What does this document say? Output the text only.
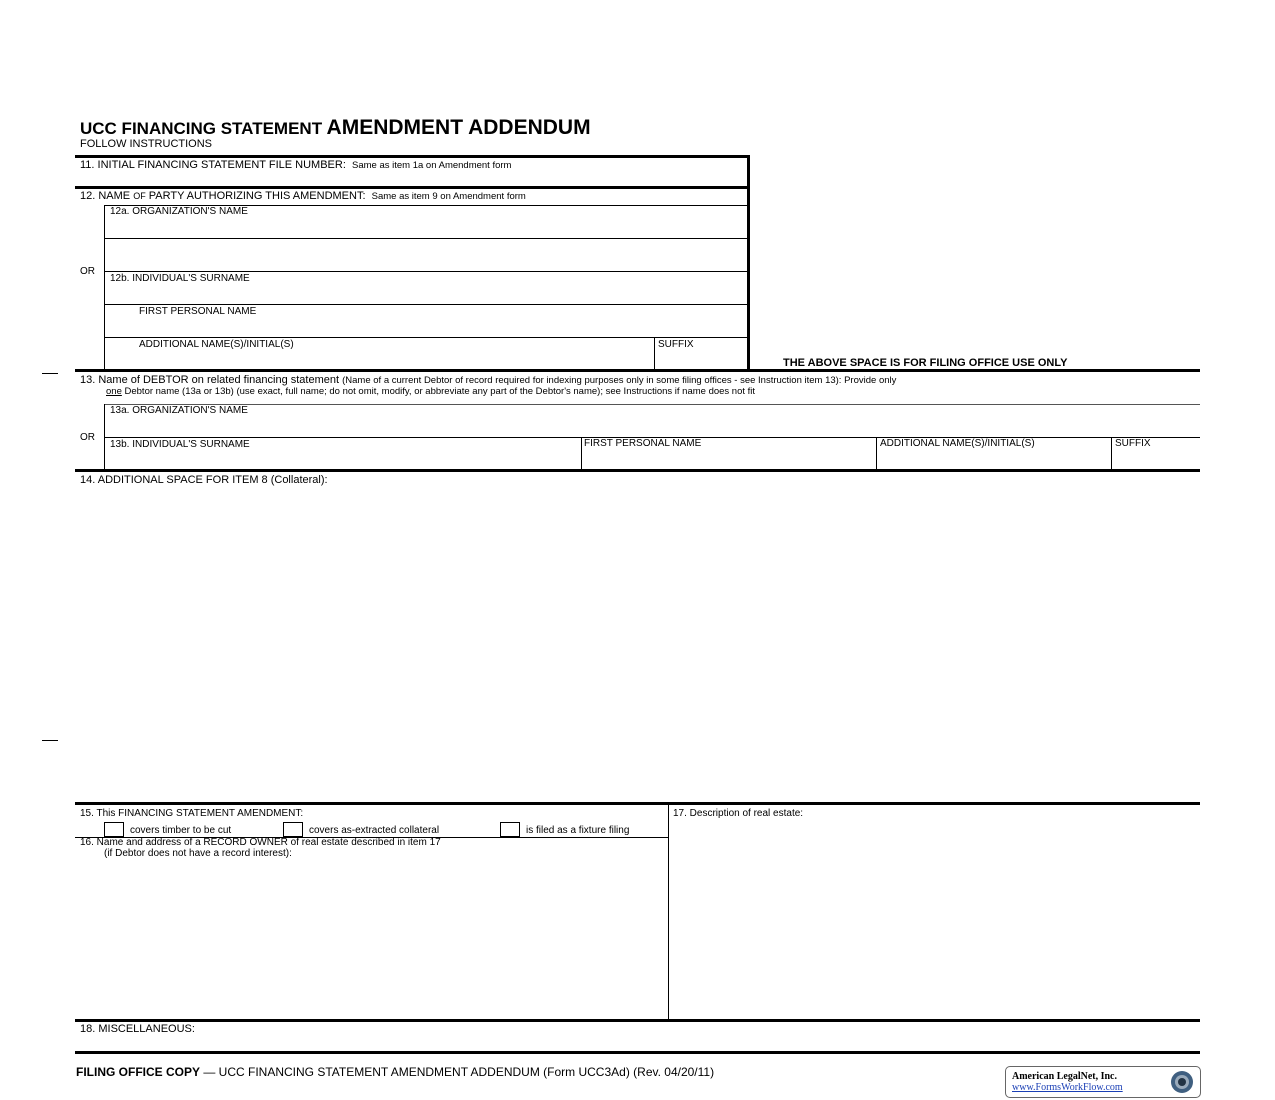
UCC FINANCING STATEMENT AMENDMENT ADDENDUM
FOLLOW INSTRUCTIONS
11. INITIAL FINANCING STATEMENT FILE NUMBER: Same as item 1a on Amendment form
12. NAME OF PARTY AUTHORIZING THIS AMENDMENT: Same as item 9 on Amendment form
12a. ORGANIZATION'S NAME
OR
12b. INDIVIDUAL'S SURNAME
FIRST PERSONAL NAME
ADDITIONAL NAME(S)/INITIAL(S)	SUFFIX
THE ABOVE SPACE IS FOR FILING OFFICE USE ONLY
13. Name of DEBTOR on related financing statement (Name of a current Debtor of record required for indexing purposes only in some filing offices - see Instruction item 13): Provide only
one Debtor name (13a or 13b) (use exact, full name; do not omit, modify, or abbreviate any part of the Debtor's name); see Instructions if name does not fit
13a. ORGANIZATION'S NAME
OR
13b. INDIVIDUAL'S SURNAME	FIRST PERSONAL NAME	ADDITIONAL NAME(S)/INITIAL(S)	SUFFIX
14. ADDITIONAL SPACE FOR ITEM 8 (Collateral):
15. This FINANCING STATEMENT AMENDMENT:
covers timber to be cut	covers as-extracted collateral	is filed as a fixture filing
16. Name and address of a RECORD OWNER of real estate described in item 17
(if Debtor does not have a record interest):
17. Description of real estate:
18. MISCELLANEOUS:
FILING OFFICE COPY — UCC FINANCING STATEMENT AMENDMENT ADDENDUM (Form UCC3Ad) (Rev. 04/20/11)	American LegalNet, Inc.
www.FormsWorkFlow.com
